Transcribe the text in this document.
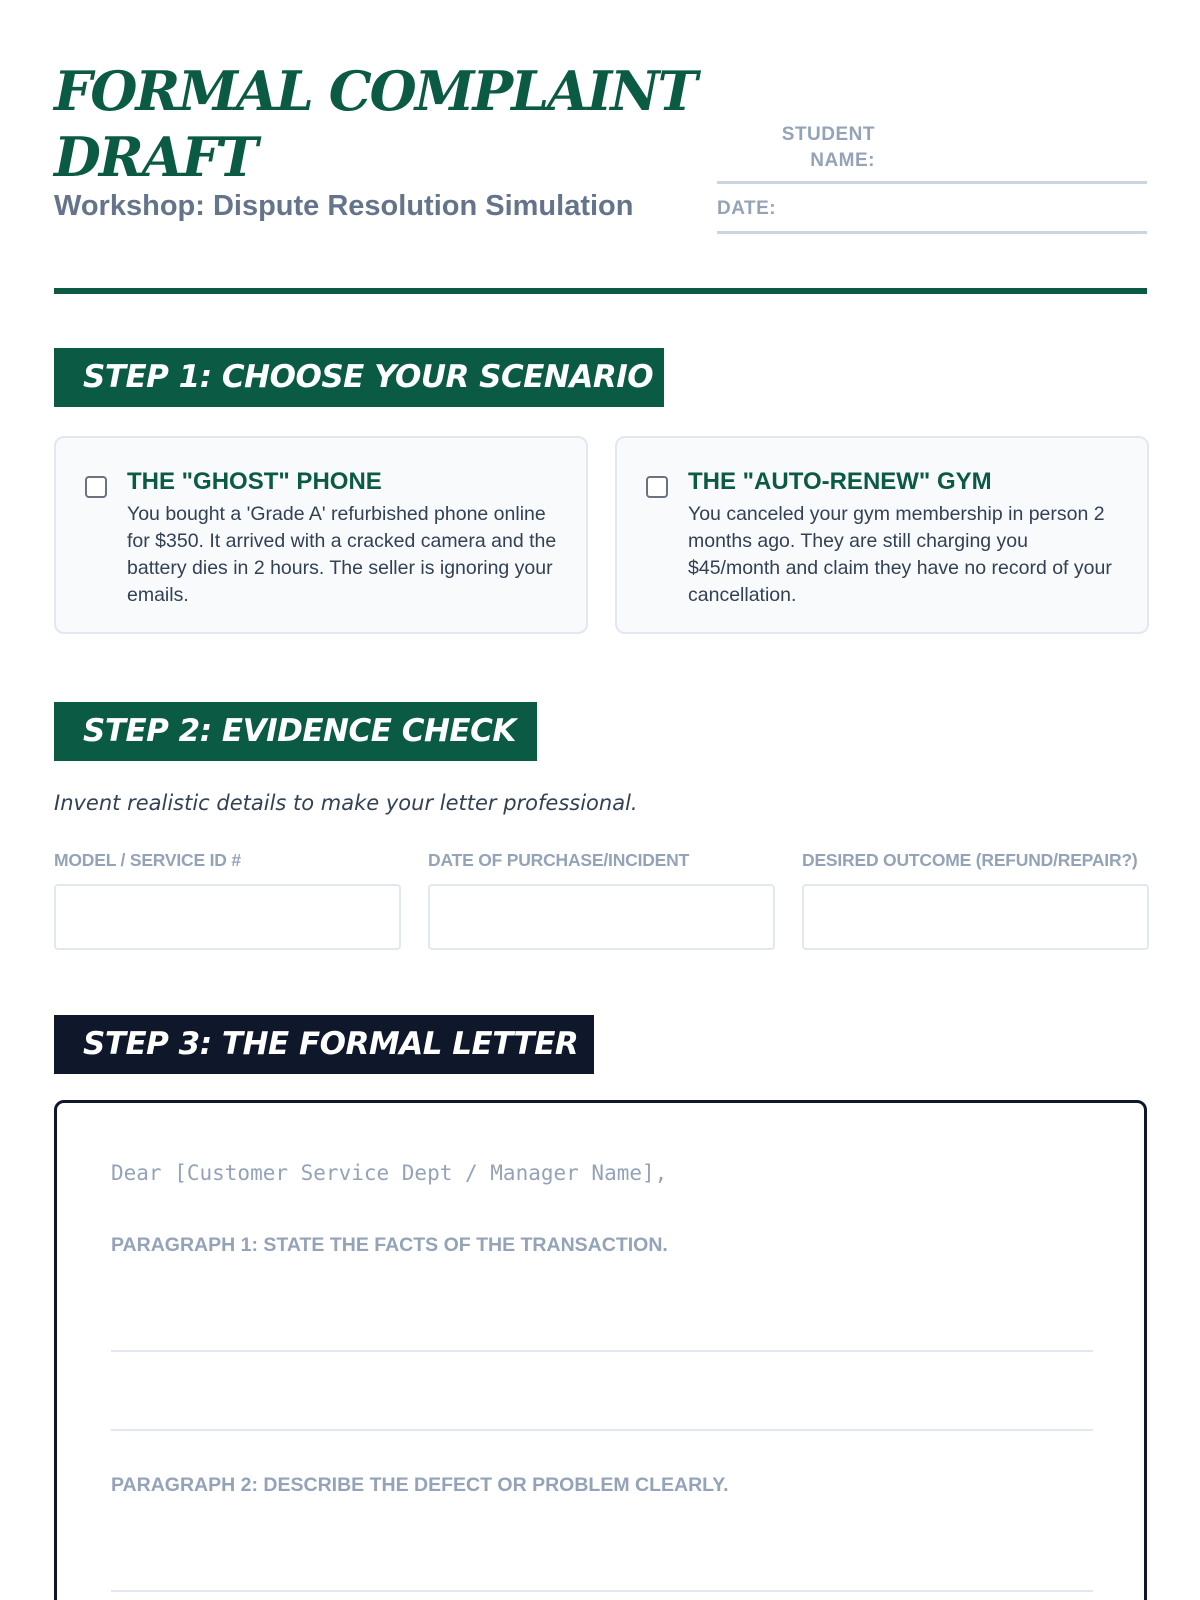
FORMAL COMPLAINT DRAFT
Workshop: Dispute Resolution Simulation
STUDENT NAME:
DATE:
STEP 1: CHOOSE YOUR SCENARIO
THE "GHOST" PHONE
You bought a 'Grade A' refurbished phone online for $350. It arrived with a cracked camera and the battery dies in 2 hours. The seller is ignoring your emails.
THE "AUTO-RENEW" GYM
You canceled your gym membership in person 2 months ago. They are still charging you $45/month and claim they have no record of your cancellation.
STEP 2: EVIDENCE CHECK
Invent realistic details to make your letter professional.
MODEL / SERVICE ID #	DATE OF PURCHASE/INCIDENT	DESIRED OUTCOME (REFUND/REPAIR?)
STEP 3: THE FORMAL LETTER
Dear [Customer Service Dept / Manager Name],
PARAGRAPH 1: STATE THE FACTS OF THE TRANSACTION.
PARAGRAPH 2: DESCRIBE THE DEFECT OR PROBLEM CLEARLY.
